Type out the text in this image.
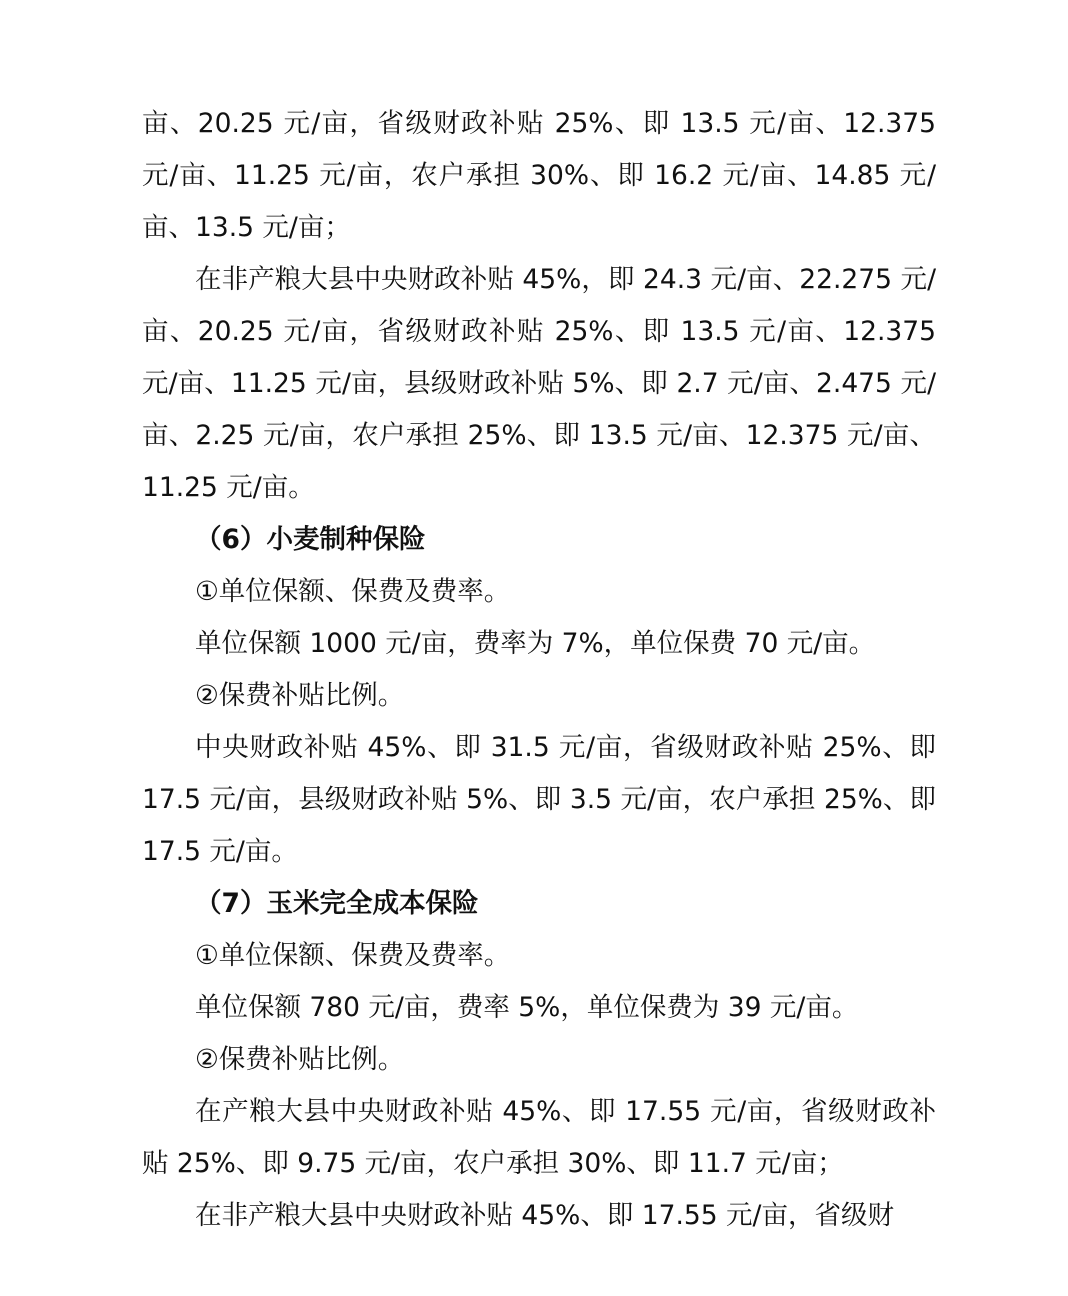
亩、20.25 元/亩，省级财政补贴 25%、即 13.5 元/亩、12.375 元/亩、11.25 元/亩，农户承担 30%、即 16.2 元/亩、14.85 元/亩、13.5 元/亩；

在非产粮大县中央财政补贴 45%，即 24.3 元/亩、22.275 元/亩、20.25 元/亩，省级财政补贴 25%、即 13.5 元/亩、12.375 元/亩、11.25 元/亩，县级财政补贴 5%、即 2.7 元/亩、2.475 元/亩、2.25 元/亩，农户承担 25%、即 13.5 元/亩、12.375 元/亩、11.25 元/亩。

（6）小麦制种保险

①单位保额、保费及费率。

单位保额 1000 元/亩，费率为 7%，单位保费 70 元/亩。

②保费补贴比例。

中央财政补贴 45%、即 31.5 元/亩，省级财政补贴 25%、即 17.5 元/亩，县级财政补贴 5%、即 3.5 元/亩，农户承担 25%、即 17.5 元/亩。

（7）玉米完全成本保险

①单位保额、保费及费率。

单位保额 780 元/亩，费率 5%，单位保费为 39 元/亩。

②保费补贴比例。

在产粮大县中央财政补贴 45%、即 17.55 元/亩，省级财政补贴 25%、即 9.75 元/亩，农户承担 30%、即 11.7 元/亩；

在非产粮大县中央财政补贴 45%、即 17.55 元/亩，省级财
